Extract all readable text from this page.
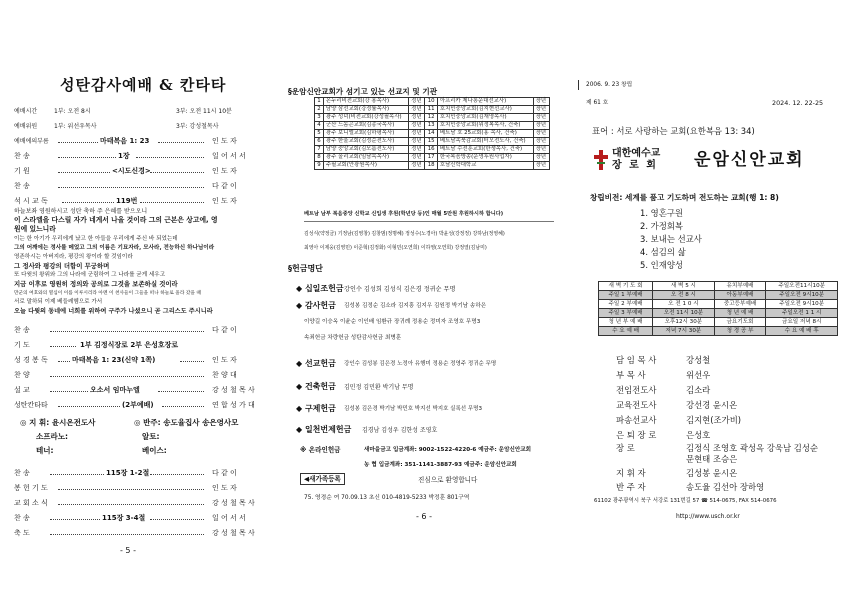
성탄감사예배 & 칸타타
예배시간	1부: 오전 8시	3부: 오전 11시 10분
예배위원	1부: 위선우목사	3부: 강성철목사
예배에의부름	마태복음 1: 23	인 도 자
찬 송	1장	일 어 서 서
기 원	<시도신경>	인 도 자
찬 송	다 같 이
석 시 교 독	119번	인 도 자
하늘보좌 영원하시고 성탄 축하 주 은혜를 받으오니
이 스라엘을 다스릴 자가 네게서 나올 것이라 그의 근본은 상고에, 영
원에 있느니라
이는 한 아기가 우리에게 났고 한 아들을 우리에게 주신 바 되었는데
그의 어깨에는 정사를 메었고 그의 이름은 기묘자라, 모사라, 전능하신 하나님이라
영존하시는 아버지라, 평강의 왕이라 할 것임이라
그 정사와 평강의 더함이 무궁하며
또 다윗의 왕위와 그의 나라에 군림하여 그 나라를 굳게 세우고
지금 이후로 영원히 정의와 공의로 그것을 보존하실 것이라
만군의 여호와의 열심이 이를 이루시리라 아멘 이 천사들이 그들을 떠나 하늘로 올라 갔을 때
서로 말하되 이제 베들레헴으로 가서
오늘 다윗의 동네에 너희를 위하여 구주가 나셨으니 곧 그리스도 주시니라
찬 송	다 같 이
기 도	1부 김정식장로 2부 은성호장로
성 경 봉 독	마태복음 1: 23(신약 1쪽)	인 도 자
찬 양	찬 양 대
설 교	오소서 임마누엘	강 성 철 목 사
성탄칸타타	(2부예배)	연 합 성 가 대
◎ 지 휘: 윤시온전도사	◎ 반주: 송도율집사 송은영사모
소프라노:	알토:
테너:	베이스:
찬 송	115장 1-2절	다 같 이
봉 헌 기 도	인 도 자
교 회 소 식	강 성 철 목 사
찬 송	115장 3-4절	일 어 서 서
축 도	강 성 철 목 사
- 5 -
§운암신안교회가 섬기고 있는 선교지 및 기관
1	온누리비전교회(강 용목사)	정년	10	아프리카 제나롱운대선교사)	장년
2	담양 삼선교회(강정률목사)	정년	11	호치민중앙교회(김지현선교사)	장년
3	광주 성덕(비전교회(강성필목사)	정년	12	호치민중앙교회(김재영목사)	장년
4	군산 드놈곤교회(김종국목사)	정년	13	호치민중앙교회(위정복목사, 건축)	장년
5	광주 보니엘교회(김하평목사)	정년	14	베트남 호 25교회(홍 목사, 건축)	장년
6	광주 한울교회(김정순전도사)	정년	15	베트남족북감교회(터오전도사, 건축)	장년
7	담양 중앙교회(김모롬전도사)	정년	16	베트남 수전훈교회(한쟁목사, 건축)	장년
8	광주 올리교회(임남목목사)	정년	17	한국복음방송(운영후원사업자)	장년
9	주필교회(안광원목사)	정년	18	호남신학대학교	장년
베트남 남부 복음중앙 신학교 신입생 후원(학년당 등)인 매월 5만원 후원하시하 합니다)
김성식(약정금) 기정남(김영창) 김창범(정명혜) 정성수(노경아) 박윤성(강정정) 강하남(정영혜)
최영아 이제웅(김영민) 이준혁(김정화) 이형민(오연희) 이하영(오연희) 강정열(김남미)
§헌금명단
◆ 십일조헌금 강인수 김성희 김성식 김은경 정귀순 무명
◆ 감사헌금 김성봉 김정순 김소라 김지흥 김지우 김원정 박기남 송하은
이양길 이승옥 이윤순 이인배 임환규 장귀례 정용순 정미자 조영호 무명3
속죄헌금 차량헌금 성탄감사헌금 최병훈
◆ 선교헌금 강인수 김성봉 김은경 노정아 유행미 정용순 정영주 정귀순 무명
◆ 건축헌금 김민정 김민환 박기남 무명
◆ 구제헌금 김성봉 김은경 박기남 박민호 박지선 박지호 실록선 무명3
◆ 일천번제헌금 김경남 김성우 김한성 조영호
※ 온라인헌금	새마을금고 입금계좌: 9002-1522-4220-6 예금주: 운암신안교회
농 협 입금계좌: 351-1141-3887-93 예금주: 운암신안교회
◀새가족등록	진심으로 환영합니다
75. 영경순 여 70.09.13 초신 010-4819-5233 박정훈 801구역
- 6 -
2006. 9. 23 창립
제 61 호	2024. 12. 22-25
표어 : 서로 사랑하는 교회(요한복음 13: 34)
대한예수교
장 로 회 운암신안교회
창립비전: 세계를 품고 기도하며 전도하는 교회(행 1: 8)
1. 영혼구원
2. 가정회복
3. 보내는 선교사
4. 섬김의 삶
5. 인재양성
새 벽 기 도 회	새 벽 5 시	유치부예배	주일오전11시10분
주일 1 부예배	오 전 8 시	아동부예배	주일오전 9시10분
주일 2 부예배	오 전 1 0 시	중고등부예배	주일오전 9시10분
주일 3 부예배	오전 11시 10분	청 년 예 배	주일오전 1 1 시
청 년 부 예 배	오후12시 30분	금요기도회	금요일 저녁 8시
수 요 예 배	저녁 7시 30분	청 경 공 부	수 요 예 배 후
담 임 목 사	강성철
부 목 사	위선우
전임전도사	김소라
교육전도사	강선경 윤시온
파송선교사	김지현(조가비)
은 퇴 장 로	은성호
장 로	김정식 조영호 곽성옥 강욱남 김성순
문현태 조승은
지 휘 자	김성봉 윤시온
반 주 자	송도율 김선아 장하영
61102 광주광역시 북구 서강로 131번길 57 ☎ 514-0675, FAX 514-0676
http://www.usch.or.kr
